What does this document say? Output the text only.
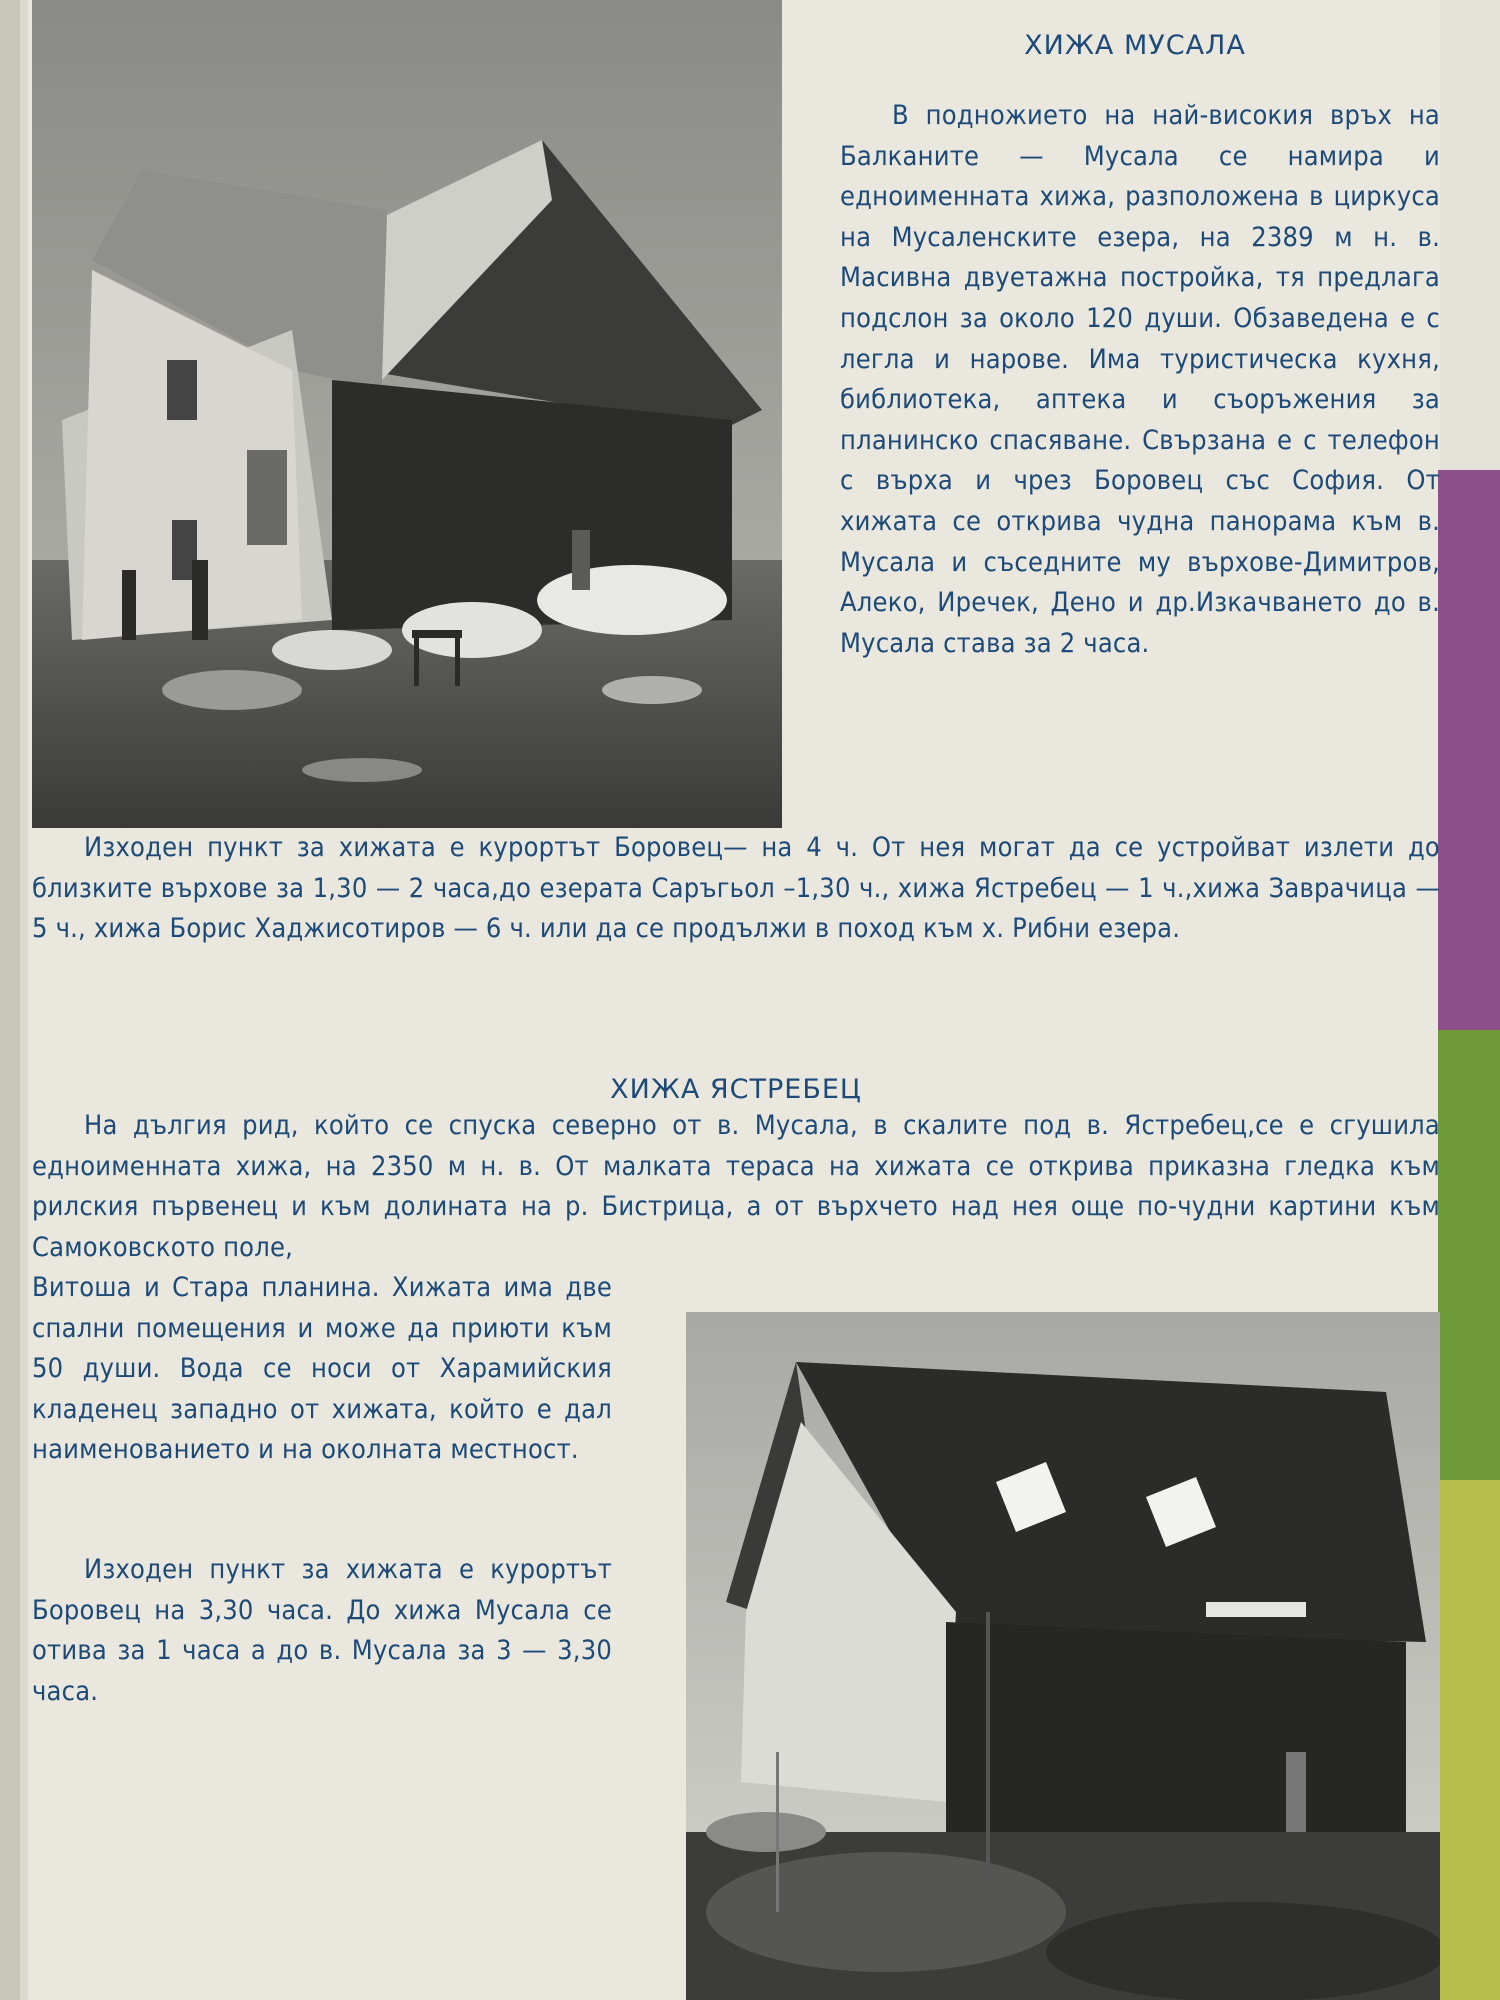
ХИЖА МУСАЛА
В подножието на най-високия връх на Балканите — Мусала се намира и едноименната хижа, разположена в циркуса на Мусаленските езера, на 2389 м н. в. Масивна двуетажна постройка, тя предлага подслон за около 120 души. Обзаведена е с легла и нарове. Има туристическа кухня, библиотека, аптека и съоръжения за планинско спасяване. Свързана е с телефон с върха и чрез Боровец със София. От хижата се открива чудна панорама към в. Мусала и съседните му върхове-Димитров, Алеко, Иречек, Дено и др.Изкачването до в. Мусала става за 2 часа.
Изходен пункт за хижата е курортът Боровец— на 4 ч. От нея могат да се устройват излети до близките върхове за 1,30 — 2 часа,до езерата Саръгьол –1,30 ч., хижа Ястребец — 1 ч.,хижа Заврачица — 5 ч., хижа Борис Хаджисотиров — 6 ч. или да се продължи в поход към х. Рибни езера.
ХИЖА ЯСТРЕБЕЦ
На дългия рид, който се спуска северно от в. Мусала, в скалите под в. Ястребец,се е сгушила едноименната хижа, на 2350 м н. в. От малката тераса на хижата се открива приказна гледка към рилския първенец и към долината на р. Бистрица, а от върхчето над нея още по-чудни картини към Самоковското поле,
Витоша и Стара планина. Хижата има две спални помещения и може да приюти към 50 души. Вода се носи от Харамийския кладенец западно от хижата, който е дал наименованието и на околната местност.
Изходен пункт за хижата е курортът Боровец на 3,30 часа. До хижа Мусала се отива за 1 часа а до в. Мусала за 3 — 3,30 часа.
